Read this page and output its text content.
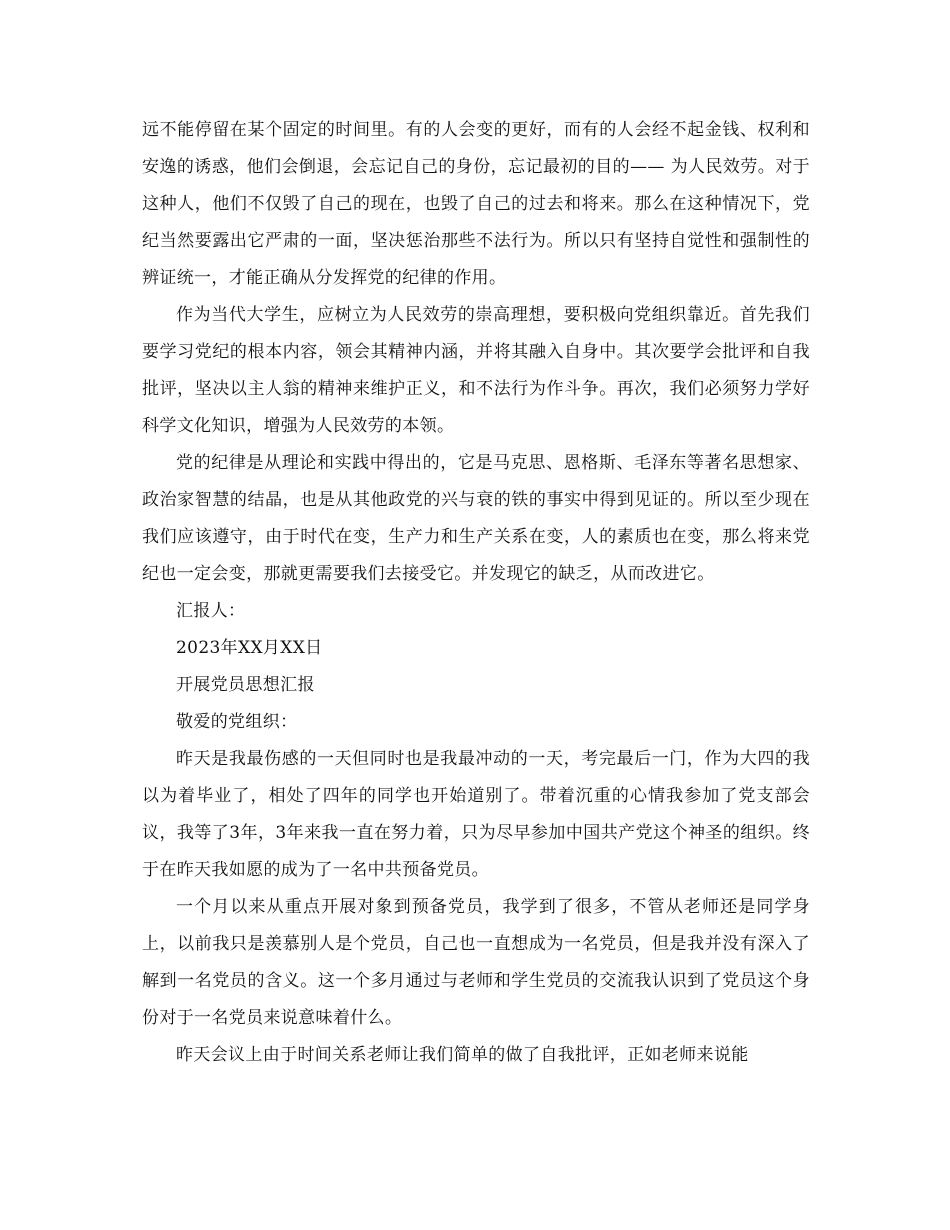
远不能停留在某个固定的时间里。有的人会变的更好，而有的人会经不起金钱、权利和安逸的诱惑，他们会倒退，会忘记自己的身份，忘记最初的目的—— 为人民效劳。对于这种人，他们不仅毁了自己的现在，也毁了自己的过去和将来。那么在这种情况下，党纪当然要露出它严肃的一面，坚决惩治那些不法行为。所以只有坚持自觉性和强制性的辨证统一，才能正确从分发挥党的纪律的作用。

作为当代大学生，应树立为人民效劳的崇高理想，要积极向党组织靠近。首先我们要学习党纪的根本内容，领会其精神内涵，并将其融入自身中。其次要学会批评和自我批评，坚决以主人翁的精神来维护正义，和不法行为作斗争。再次，我们必须努力学好科学文化知识，增强为人民效劳的本领。

党的纪律是从理论和实践中得出的，它是马克思、恩格斯、毛泽东等著名思想家、政治家智慧的结晶，也是从其他政党的兴与衰的铁的事实中得到见证的。所以至少现在我们应该遵守，由于时代在变，生产力和生产关系在变，人的素质也在变，那么将来党纪也一定会变，那就更需要我们去接受它。并发现它的缺乏，从而改进它。

汇报人：

2023年XX月XX日

开展党员思想汇报

敬爱的党组织：

昨天是我最伤感的一天但同时也是我最冲动的一天，考完最后一门，作为大四的我以为着毕业了，相处了四年的同学也开始道别了。带着沉重的心情我参加了党支部会议，我等了3年，3年来我一直在努力着，只为尽早参加中国共产党这个神圣的组织。终于在昨天我如愿的成为了一名中共预备党员。

一个月以来从重点开展对象到预备党员，我学到了很多，不管从老师还是同学身上，以前我只是羡慕别人是个党员，自己也一直想成为一名党员，但是我并没有深入了解到一名党员的含义。这一个多月通过与老师和学生党员的交流我认识到了党员这个身份对于一名党员来说意味着什么。

昨天会议上由于时间关系老师让我们简单的做了自我批评，正如老师来说能
